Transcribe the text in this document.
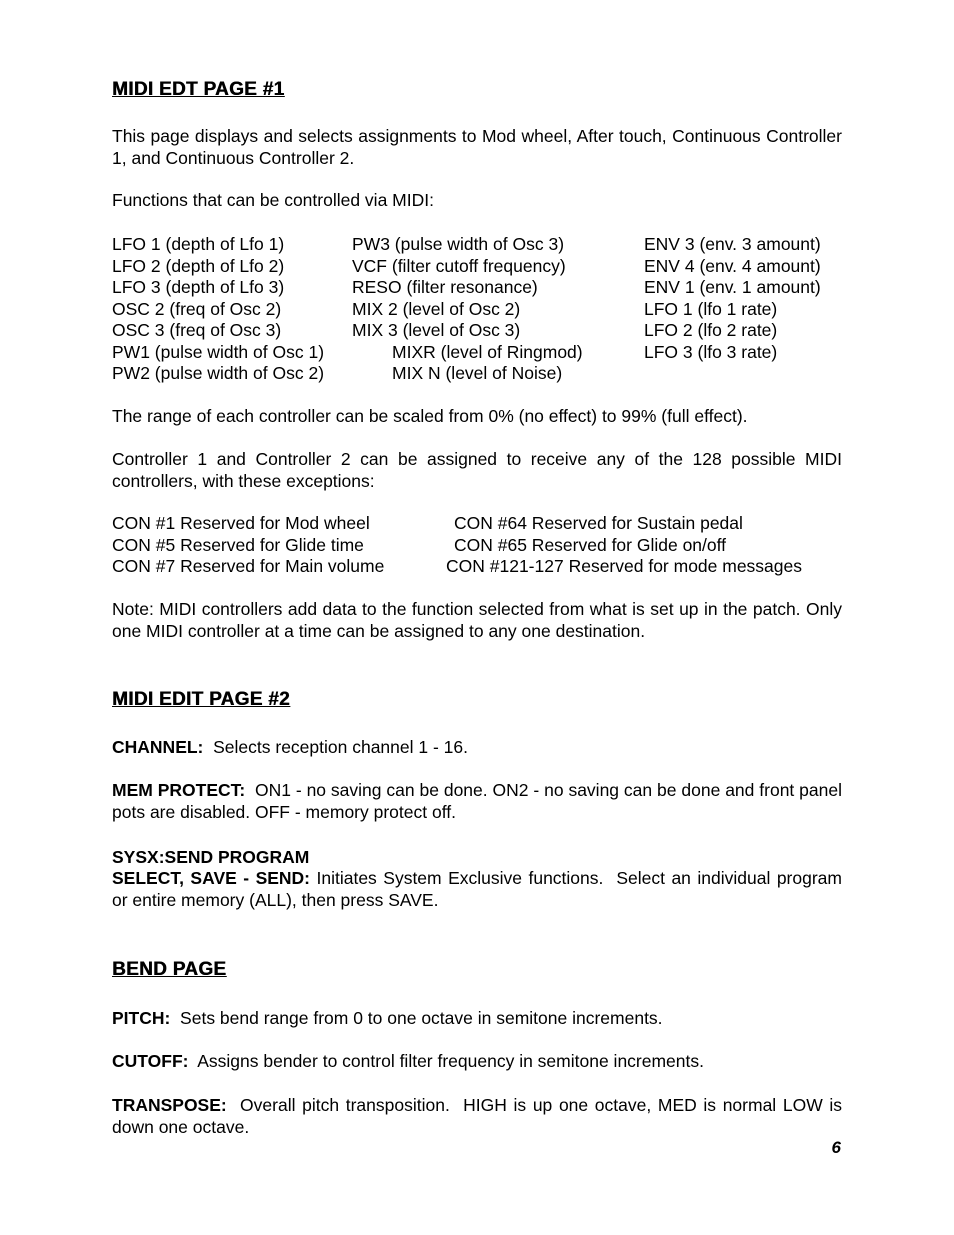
MIDI EDT PAGE #1
This page displays and selects assignments to Mod wheel, After touch, Continuous Controller 1, and Continuous Controller 2.
Functions that can be controlled via MIDI:
LFO 1 (depth of Lfo 1)
LFO 2 (depth of Lfo 2)
LFO 3 (depth of Lfo 3)
OSC 2 (freq of Osc 2)
OSC 3 (freq of Osc 3)
PW1 (pulse width of Osc 1)
PW2 (pulse width of Osc 2)
PW3 (pulse width of Osc 3)
VCF (filter cutoff frequency)
RESO (filter resonance)
MIX 2 (level of Osc 2)
MIX 3 (level of Osc 3)
MIXR (level of Ringmod)
MIX N (level of Noise)
ENV 3 (env. 3 amount)
ENV 4 (env. 4 amount)
ENV 1 (env. 1 amount)
LFO 1 (lfo 1 rate)
LFO 2 (lfo 2 rate)
LFO 3 (lfo 3 rate)
The range of each controller can be scaled from 0% (no effect) to 99% (full effect).
Controller 1 and Controller 2 can be assigned to receive any of the 128 possible MIDI controllers, with these exceptions:
CON #1 Reserved for Mod wheel
CON #5 Reserved for Glide time
CON #7 Reserved for Main volume
CON #64 Reserved for Sustain pedal
CON #65 Reserved for Glide on/off
CON #121-127 Reserved for mode messages
Note: MIDI controllers add data to the function selected from what is set up in the patch. Only one MIDI controller at a time can be assigned to any one destination.
MIDI EDIT PAGE #2
CHANNEL:  Selects reception channel 1 - 16.
MEM PROTECT:  ON1 - no saving can be done. ON2 - no saving can be done and front panel pots are disabled. OFF - memory protect off.
SYSX:SEND PROGRAM
SELECT, SAVE - SEND: Initiates System Exclusive functions.  Select an individual program or entire memory (ALL), then press SAVE.
BEND PAGE
PITCH:  Sets bend range from 0 to one octave in semitone increments.
CUTOFF:  Assigns bender to control filter frequency in semitone increments.
TRANSPOSE:  Overall pitch transposition.  HIGH is up one octave, MED is normal LOW is down one octave.
6
